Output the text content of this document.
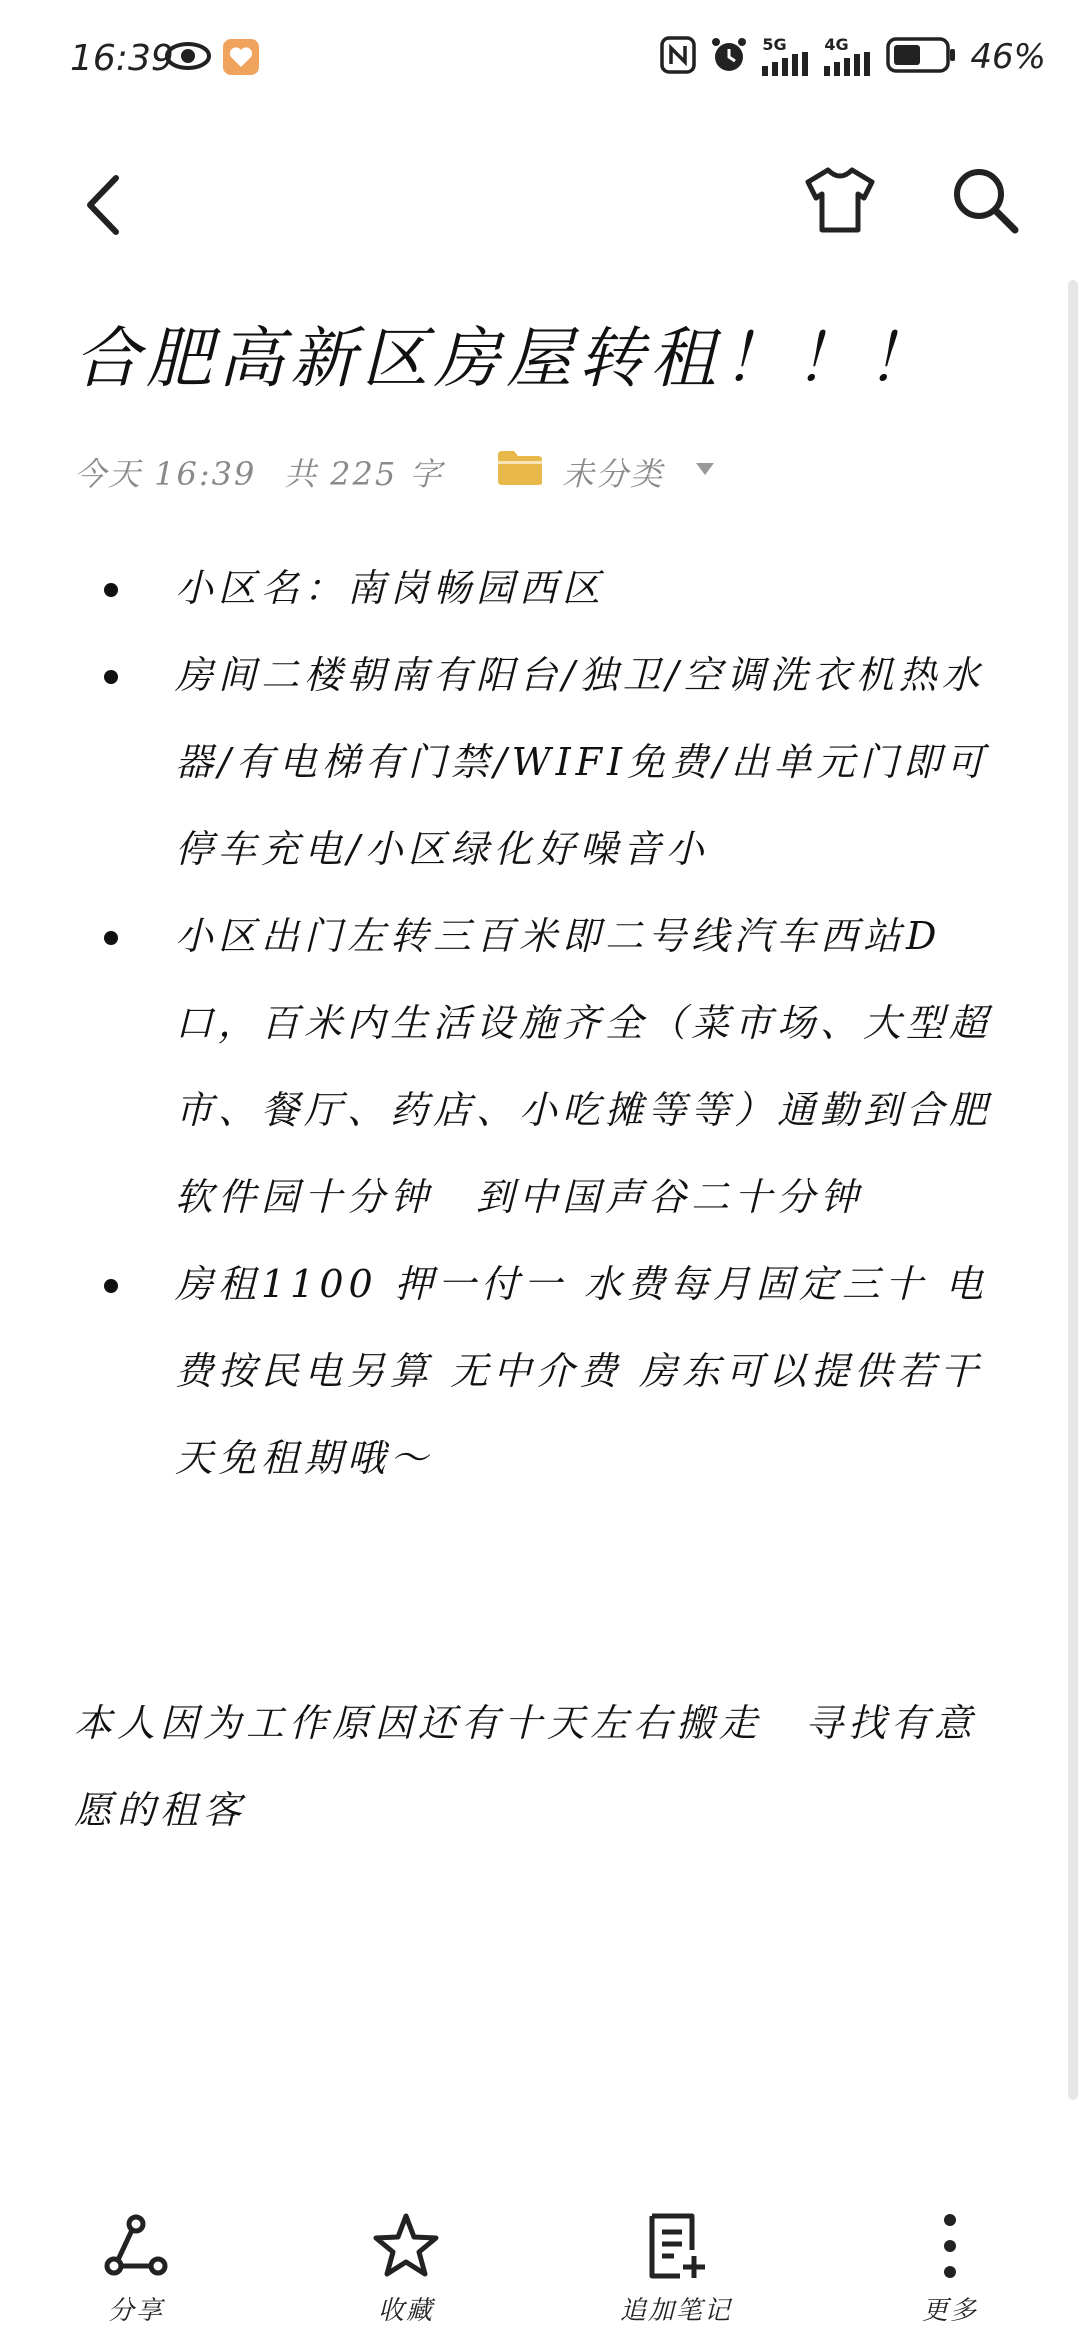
16:39	5G 4G	46%
合肥高新区房屋转租！！！
今天 16:39 共 225 字	未分类
小区名：南岗畅园西区
房间二楼朝南有阳台/独卫/空调洗衣机热水器/有电梯有门禁/WIFI免费/出单元门即可停车充电/小区绿化好噪音小
小区出门左转三百米即二号线汽车西站D口，百米内生活设施齐全（菜市场、大型超市、餐厅、药店、小吃摊等等）通勤到合肥软件园十分钟　到中国声谷二十分钟
房租1100 押一付一 水费每月固定三十 电费按民电另算 无中介费 房东可以提供若干天免租期哦～
本人因为工作原因还有十天左右搬走　寻找有意愿的租客
分享	收藏	追加笔记	更多
